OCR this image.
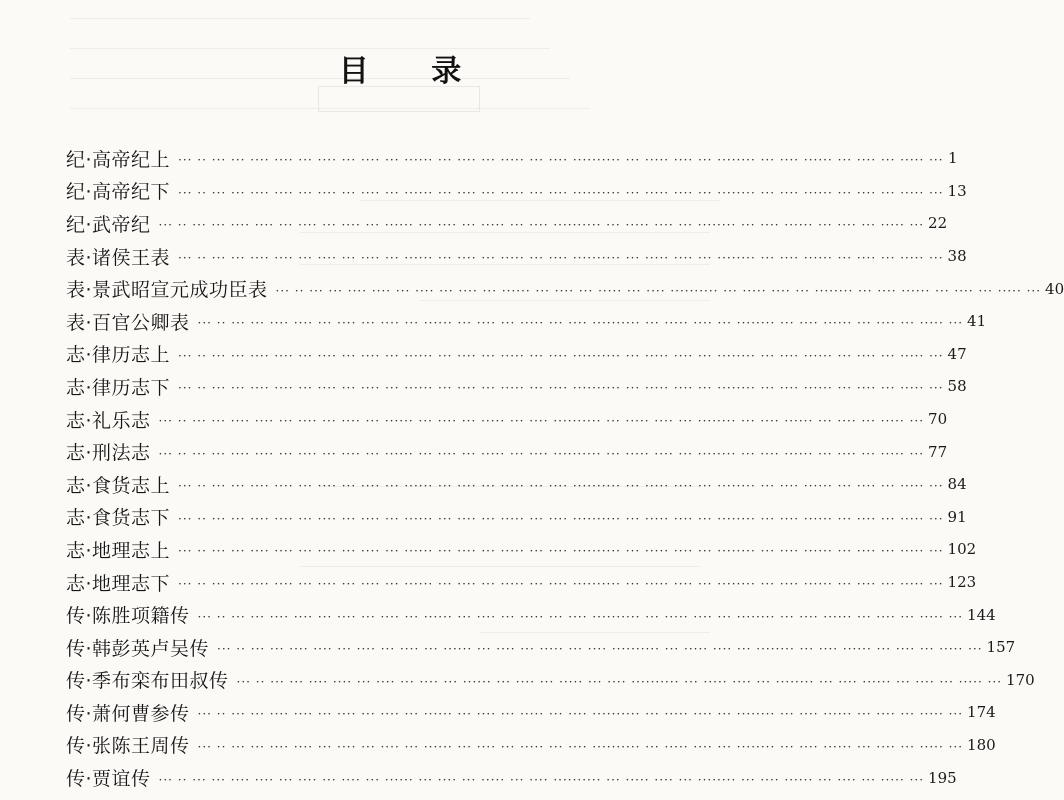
目 录
纪·高帝纪上 ··· ·· ··· ··· ···· ···· ··· ···· ··· ···· ··· ······ ··· ···· ··· ····· ··· ···· ·········· ··· ····· ···· ··· ········ ··· ···· ······ ··· ···· ··· ····· ··· 1
纪·高帝纪下 ··· ·· ··· ··· ···· ···· ··· ···· ··· ···· ··· ······ ··· ···· ··· ····· ··· ···· ·········· ··· ····· ···· ··· ········ ··· ···· ······ ··· ···· ··· ····· ··· 13
纪·武帝纪 ··· ·· ··· ··· ···· ···· ··· ···· ··· ···· ··· ······ ··· ···· ··· ····· ··· ···· ·········· ··· ····· ···· ··· ········ ··· ···· ······ ··· ···· ··· ····· ··· 22
表·诸侯王表 ··· ·· ··· ··· ···· ···· ··· ···· ··· ···· ··· ······ ··· ···· ··· ····· ··· ···· ·········· ··· ····· ···· ··· ········ ··· ···· ······ ··· ···· ··· ····· ··· 38
表·景武昭宣元成功臣表 ··· ·· ··· ··· ···· ···· ··· ···· ··· ···· ··· ······ ··· ···· ··· ····· ··· ···· ·········· ··· ····· ···· ··· ········ ··· ···· ······ ··· ···· ··· ····· ··· 40
表·百官公卿表 ··· ·· ··· ··· ···· ···· ··· ···· ··· ···· ··· ······ ··· ···· ··· ····· ··· ···· ·········· ··· ····· ···· ··· ········ ··· ···· ······ ··· ···· ··· ····· ··· 41
志·律历志上 ··· ·· ··· ··· ···· ···· ··· ···· ··· ···· ··· ······ ··· ···· ··· ····· ··· ···· ·········· ··· ····· ···· ··· ········ ··· ···· ······ ··· ···· ··· ····· ··· 47
志·律历志下 ··· ·· ··· ··· ···· ···· ··· ···· ··· ···· ··· ······ ··· ···· ··· ····· ··· ···· ·········· ··· ····· ···· ··· ········ ··· ···· ······ ··· ···· ··· ····· ··· 58
志·礼乐志 ··· ·· ··· ··· ···· ···· ··· ···· ··· ···· ··· ······ ··· ···· ··· ····· ··· ···· ·········· ··· ····· ···· ··· ········ ··· ···· ······ ··· ···· ··· ····· ··· 70
志·刑法志 ··· ·· ··· ··· ···· ···· ··· ···· ··· ···· ··· ······ ··· ···· ··· ····· ··· ···· ·········· ··· ····· ···· ··· ········ ··· ···· ······ ··· ···· ··· ····· ··· 77
志·食货志上 ··· ·· ··· ··· ···· ···· ··· ···· ··· ···· ··· ······ ··· ···· ··· ····· ··· ···· ·········· ··· ····· ···· ··· ········ ··· ···· ······ ··· ···· ··· ····· ··· 84
志·食货志下 ··· ·· ··· ··· ···· ···· ··· ···· ··· ···· ··· ······ ··· ···· ··· ····· ··· ···· ·········· ··· ····· ···· ··· ········ ··· ···· ······ ··· ···· ··· ····· ··· 91
志·地理志上 ··· ·· ··· ··· ···· ···· ··· ···· ··· ···· ··· ······ ··· ···· ··· ····· ··· ···· ·········· ··· ····· ···· ··· ········ ··· ···· ······ ··· ···· ··· ····· ··· 102
志·地理志下 ··· ·· ··· ··· ···· ···· ··· ···· ··· ···· ··· ······ ··· ···· ··· ····· ··· ···· ·········· ··· ····· ···· ··· ········ ··· ···· ······ ··· ···· ··· ····· ··· 123
传·陈胜项籍传 ··· ·· ··· ··· ···· ···· ··· ···· ··· ···· ··· ······ ··· ···· ··· ····· ··· ···· ·········· ··· ····· ···· ··· ········ ··· ···· ······ ··· ···· ··· ····· ··· 144
传·韩彭英卢吴传 ··· ·· ··· ··· ···· ···· ··· ···· ··· ···· ··· ······ ··· ···· ··· ····· ··· ···· ·········· ··· ····· ···· ··· ········ ··· ···· ······ ··· ···· ··· ····· ··· 157
传·季布栾布田叔传 ··· ·· ··· ··· ···· ···· ··· ···· ··· ···· ··· ······ ··· ···· ··· ····· ··· ···· ·········· ··· ····· ···· ··· ········ ··· ···· ······ ··· ···· ··· ····· ··· 170
传·萧何曹参传 ··· ·· ··· ··· ···· ···· ··· ···· ··· ···· ··· ······ ··· ···· ··· ····· ··· ···· ·········· ··· ····· ···· ··· ········ ··· ···· ······ ··· ···· ··· ····· ··· 174
传·张陈王周传 ··· ·· ··· ··· ···· ···· ··· ···· ··· ···· ··· ······ ··· ···· ··· ····· ··· ···· ·········· ··· ····· ···· ··· ········ ··· ···· ······ ··· ···· ··· ····· ··· 180
传·贾谊传 ··· ·· ··· ··· ···· ···· ··· ···· ··· ···· ··· ······ ··· ···· ··· ····· ··· ···· ·········· ··· ····· ···· ··· ········ ··· ···· ······ ··· ···· ··· ····· ··· 195
